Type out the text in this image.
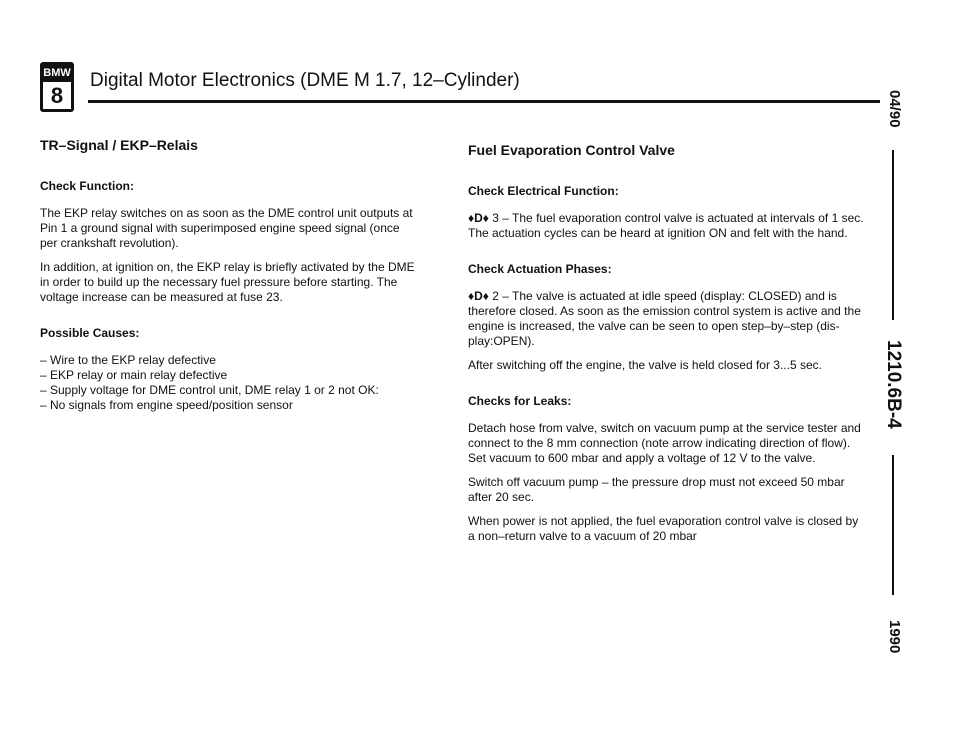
BMW
8
Digital Motor Electronics (DME M 1.7, 12–Cylinder)
04/90
1210.6B-4
1990
TR–Signal / EKP–Relais
Check Function:

The EKP relay switches on as soon as the DME control unit outputs at Pin 1 a ground signal with superimposed engine speed signal (once per crankshaft revolution).

In addition, at ignition on, the EKP relay is briefly activated by the DME in order to build up the necessary fuel pressure before starting. The voltage increase can be measured at fuse 23.

Possible Causes:
– Wire to the EKP relay defective
– EKP relay or main relay defective
– Supply voltage for DME control unit, DME relay 1 or 2 not OK:
– No signals from engine speed/position sensor
Fuel Evaporation Control Valve
Check Electrical Function:

♦D♦ 3 – The fuel evaporation control valve is actuated at intervals of 1 sec. The actuation cycles can be heard at ignition ON and felt with the hand.

Check Actuation Phases:

♦D♦ 2 – The valve is actuated at idle speed (display: CLOSED) and is therefore closed. As soon as the emission control system is active and the engine is increased, the valve can be seen to open step–by–step (dis-play:OPEN).

After switching off the engine, the valve is held closed for 3...5 sec.

Checks for Leaks:

Detach hose from valve, switch on vacuum pump at the service tester and connect to the 8 mm connection (note arrow indicating direction of flow). Set vacuum to 600 mbar and apply a voltage of 12 V to the valve.

Switch off vacuum pump – the pressure drop must not exceed 50 mbar after 20 sec.

When power is not applied, the fuel evaporation control valve is closed by a non–return valve to a vacuum of 20 mbar
